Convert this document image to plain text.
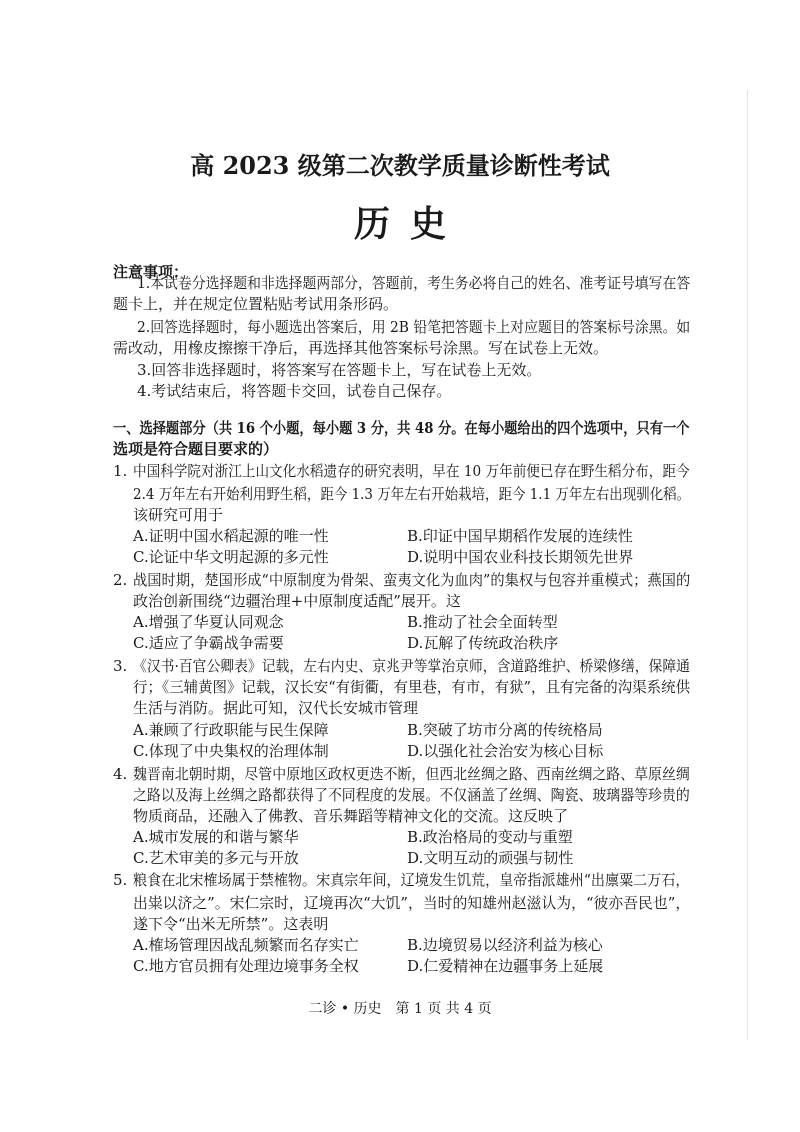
高 2023 级第二次教学质量诊断性考试
历史
注意事项：
1.本试卷分选择题和非选择题两部分，答题前，考生务必将自己的姓名、准考证号填写在答
题卡上，并在规定位置粘贴考试用条形码。
2.回答选择题时，每小题选出答案后，用 2B 铅笔把答题卡上对应题目的答案标号涂黑。如
需改动，用橡皮擦擦干净后，再选择其他答案标号涂黑。写在试卷上无效。
3.回答非选择题时，将答案写在答题卡上，写在试卷上无效。
4.考试结束后，将答题卡交回，试卷自己保存。
一、选择题部分（共 16 个小题，每小题 3 分，共 48 分。在每小题给出的四个选项中，只有一个
选项是符合题目要求的）
1. 中国科学院对浙江上山文化水稻遗存的研究表明，早在 10 万年前便已存在野生稻分布，距今
2.4 万年左右开始利用野生稻，距今 1.3 万年左右开始栽培，距今 1.1 万年左右出现驯化稻。
该研究可用于
A.证明中国水稻起源的唯一性	B.印证中国早期稻作发展的连续性
C.论证中华文明起源的多元性	D.说明中国农业科技长期领先世界
2. 战国时期，楚国形成“中原制度为骨架、蛮夷文化为血肉”的集权与包容并重模式；燕国的
政治创新围绕“边疆治理+中原制度适配”展开。这
A.增强了华夏认同观念	B.推动了社会全面转型
C.适应了争霸战争需要	D.瓦解了传统政治秩序
3. 《汉书·百官公卿表》记载，左右内史、京兆尹等掌治京师，含道路维护、桥梁修缮，保障通
行；《三辅黄图》记载，汉长安“有街衢，有里巷，有市，有狱”，且有完备的沟渠系统供
生活与消防。据此可知，汉代长安城市管理
A.兼顾了行政职能与民生保障	B.突破了坊市分离的传统格局
C.体现了中央集权的治理体制	D.以强化社会治安为核心目标
4. 魏晋南北朝时期，尽管中原地区政权更迭不断，但西北丝绸之路、西南丝绸之路、草原丝绸
之路以及海上丝绸之路都获得了不同程度的发展。不仅涵盖了丝绸、陶瓷、玻璃器等珍贵的
物质商品，还融入了佛教、音乐舞蹈等精神文化的交流。这反映了
A.城市发展的和谐与繁华	B.政治格局的变动与重塑
C.艺术审美的多元与开放	D.文明互动的顽强与韧性
5. 粮食在北宋榷场属于禁榷物。宋真宗年间，辽境发生饥荒，皇帝指派雄州“出廪粟二万石，
出粜以济之”。宋仁宗时，辽境再次“大饥”，当时的知雄州赵滋认为，“彼亦吾民也”，
遂下令“出米无所禁”。这表明
A.榷场管理因战乱频繁而名存实亡	B.边境贸易以经济利益为核心
C.地方官员拥有处理边境事务全权	D.仁爱精神在边疆事务上延展
二诊 • 历史　第 1 页 共 4 页
